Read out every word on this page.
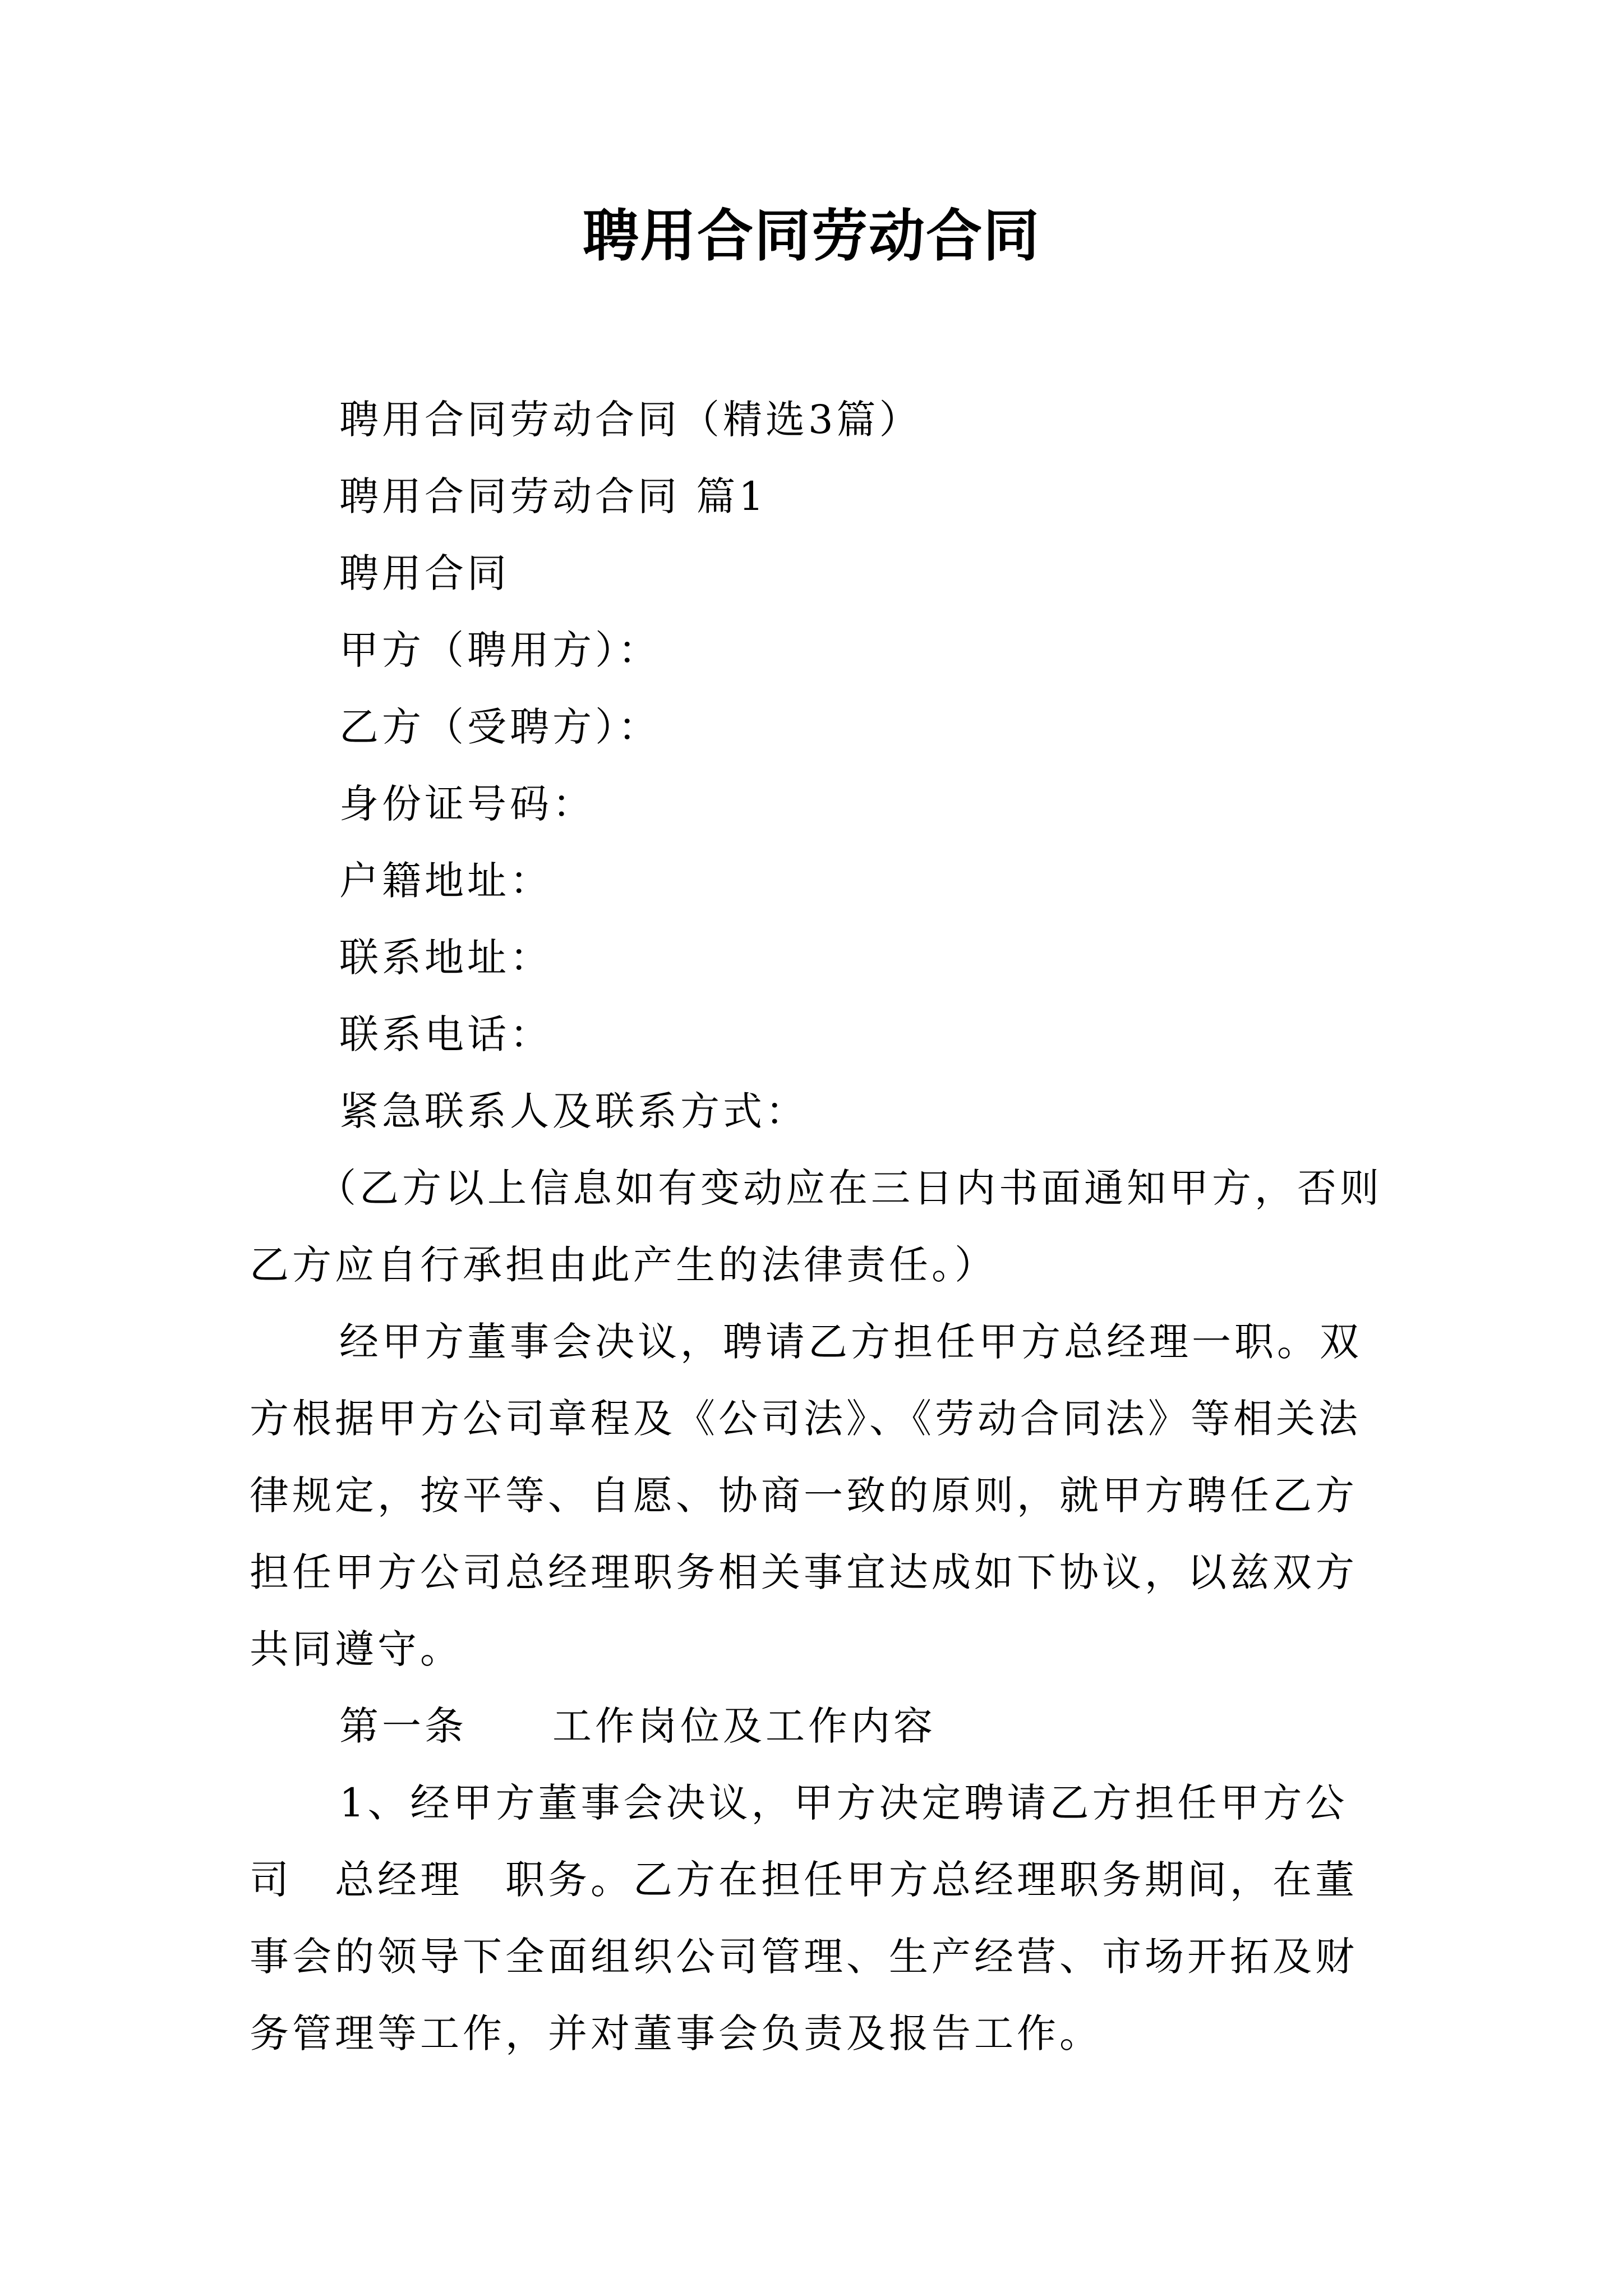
聘用合同劳动合同

聘用合同劳动合同（精选3篇）

聘用合同劳动合同 篇1

聘用合同

甲方（聘用方）：

乙方（受聘方）：

身份证号码：

户籍地址：

联系地址：

联系电话：

紧急联系人及联系方式：

（乙方以上信息如有变动应在三日内书面通知甲方，否则乙方应自行承担由此产生的法律责任。）

经甲方董事会决议，聘请乙方担任甲方总经理一职。双方根据甲方公司章程及《公司法》、《劳动合同法》等相关法律规定，按平等、自愿、协商一致的原则，就甲方聘任乙方担任甲方公司总经理职务相关事宜达成如下协议，以兹双方共同遵守。

第一条　　工作岗位及工作内容

1、经甲方董事会决议，甲方决定聘请乙方担任甲方公司　总经理　职务。乙方在担任甲方总经理职务期间，在董事会的领导下全面组织公司管理、生产经营、市场开拓及财务管理等工作，并对董事会负责及报告工作。
